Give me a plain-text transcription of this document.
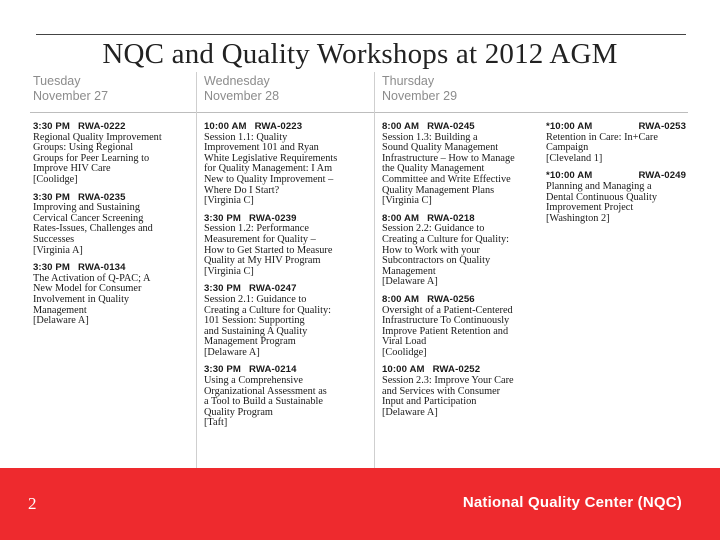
NQC and Quality Workshops at 2012 AGM
Tuesday
November 27
Wednesday
November 28
Thursday
November 29
3:30 PM RWA-0222
Regional Quality Improvement
Groups: Using Regional
Groups for Peer Learning to
Improve HIV Care
[Coolidge]
3:30 PM RWA-0235
Improving and Sustaining
Cervical Cancer Screening
Rates-Issues, Challenges and
Successes
[Virginia A]
3:30 PM RWA-0134
The Activation of Q-PAC; A
New Model for Consumer
Involvement in Quality
Management
[Delaware A]
10:00 AM RWA-0223
Session 1.1: Quality
Improvement 101 and Ryan
White Legislative Requirements
for Quality Management: I Am
New to Quality Improvement –
Where Do I Start?
[Virginia C]
3:30 PM RWA-0239
Session 1.2: Performance
Measurement for Quality –
How to Get Started to Measure
Quality at My HIV Program
[Virginia C]
3:30 PM RWA-0247
Session 2.1: Guidance to
Creating a Culture for Quality:
101 Session: Supporting
and Sustaining A Quality
Management Program
[Delaware A]
3:30 PM RWA-0214
Using a Comprehensive
Organizational Assessment as
a Tool to Build a Sustainable
Quality Program
[Taft]
8:00 AM RWA-0245
Session 1.3: Building a
Sound Quality Management
Infrastructure – How to Manage
the Quality Management
Committee and Write Effective
Quality Management Plans
[Virginia C]
8:00 AM RWA-0218
Session 2.2: Guidance to
Creating a Culture for Quality:
How to Work with your
Subcontractors on Quality
Management
[Delaware A]
8:00 AM RWA-0256
Oversight of a Patient-Centered
Infrastructure To Continuously
Improve Patient Retention and
Viral Load
[Coolidge]
10:00 AM RWA-0252
Session 2.3: Improve Your Care
and Services with Consumer
Input and Participation
[Delaware A]
*10:00 AM	RWA-0253
Retention in Care: In+Care
Campaign
[Cleveland 1]
*10:00 AM	RWA-0249
Planning and Managing a
Dental Continuous Quality
Improvement Project
[Washington 2]
2	National Quality Center (NQC)
